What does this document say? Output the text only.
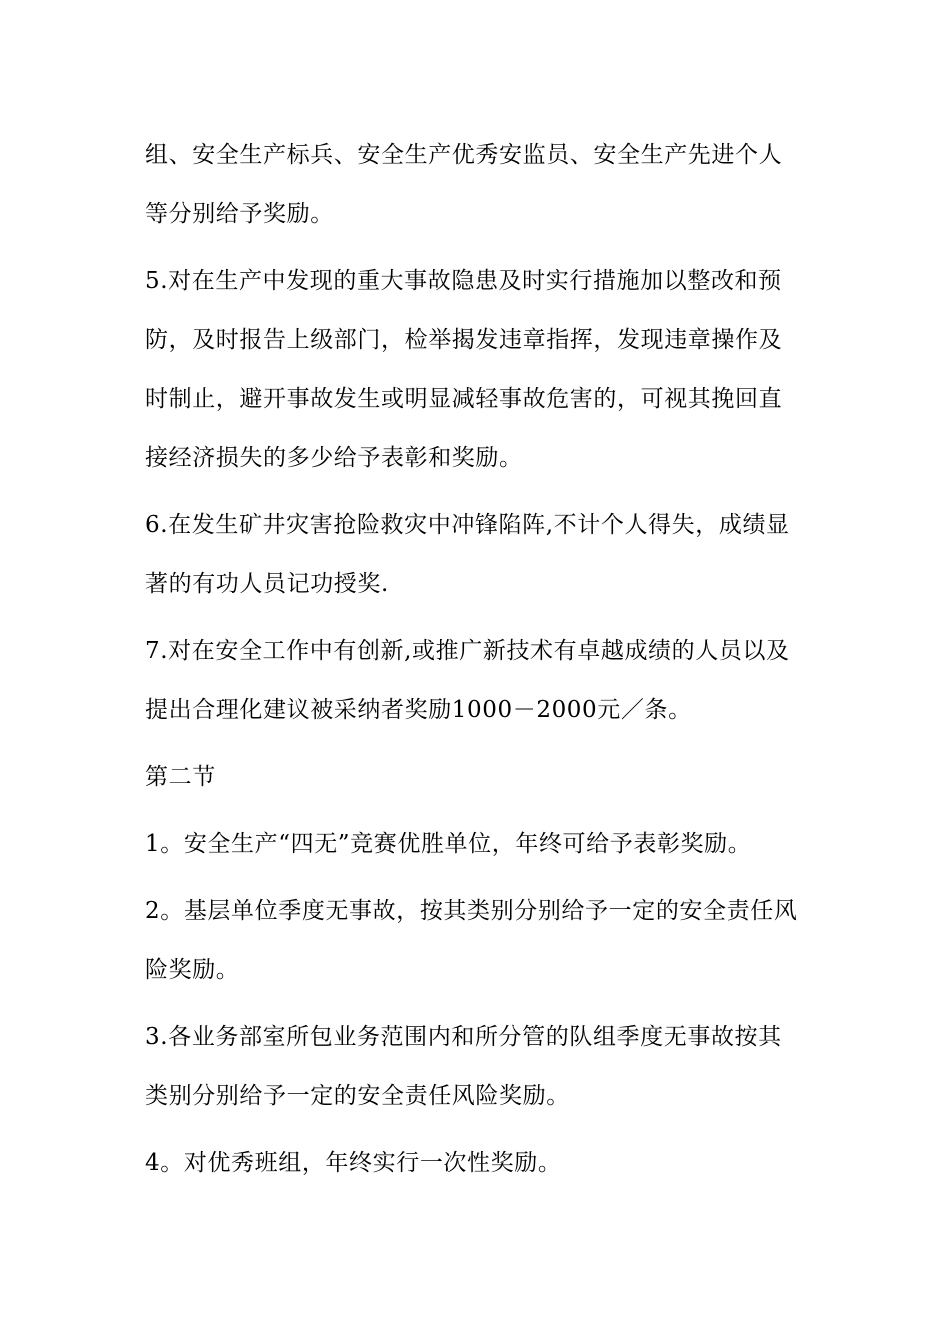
组、安全生产标兵、安全生产优秀安监员、安全生产先进个人
等分别给予奖励。

5.对在生产中发现的重大事故隐患及时实行措施加以整改和预
防，及时报告上级部门，检举揭发违章指挥，发现违章操作及
时制止，避开事故发生或明显减轻事故危害的，可视其挽回直
接经济损失的多少给予表彰和奖励。

6.在发生矿井灾害抢险救灾中冲锋陷阵,不计个人得失，成绩显
著的有功人员记功授奖.

7.对在安全工作中有创新,或推广新技术有卓越成绩的人员以及
提出合理化建议被采纳者奖励1000－2000元／条。

第二节

1。安全生产“四无”竞赛优胜单位，年终可给予表彰奖励。

2。基层单位季度无事故，按其类别分别给予一定的安全责任风
险奖励。

3.各业务部室所包业务范围内和所分管的队组季度无事故按其
类别分别给予一定的安全责任风险奖励。

4。对优秀班组，年终实行一次性奖励。
